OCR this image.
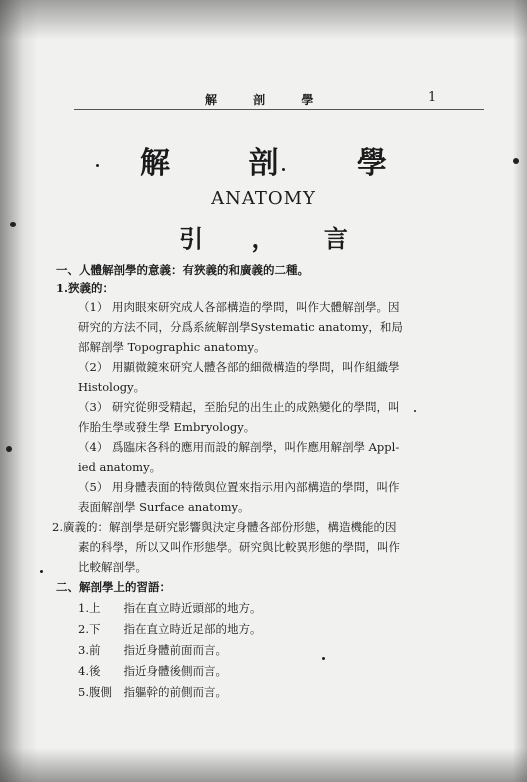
解 剖 學	1
解 剖 學
ANATOMY
引 ， 言
一、人體解剖學的意義：有狹義的和廣義的二種。
1.狹義的：
（1） 用肉眼來研究成人各部構造的學問，叫作大體解剖學。因
研究的方法不同，分爲系統解剖學Systematic anatomy，和局
部解剖學 Topographic anatomy。
（2） 用顯微鏡來研究人體各部的細微構造的學問，叫作組織學
Histology。
（3） 研究從卵受精起，至胎兒的出生止的成熟變化的學問，叫
作胎生學或發生學 Embryology。
（4） 爲臨床各科的應用而設的解剖學，叫作應用解剖學 Appl-
ied anatomy。
（5） 用身體表面的特徵與位置來指示用內部構造的學問，叫作
表面解剖學 Surface anatomy。
2.廣義的：解剖學是研究影響與決定身體各部份形態，構造機能的因
素的科學，所以又叫作形態學。研究與比較異形態的學問，叫作
比較解剖學。
二、解剖學上的習語：
1.上　　指在直立時近頭部的地方。
2.下　　指在直立時近足部的地方。
3.前　　指近身體前面而言。
4.後　　指近身體後側而言。
5.腹側　指軀幹的前側而言。
